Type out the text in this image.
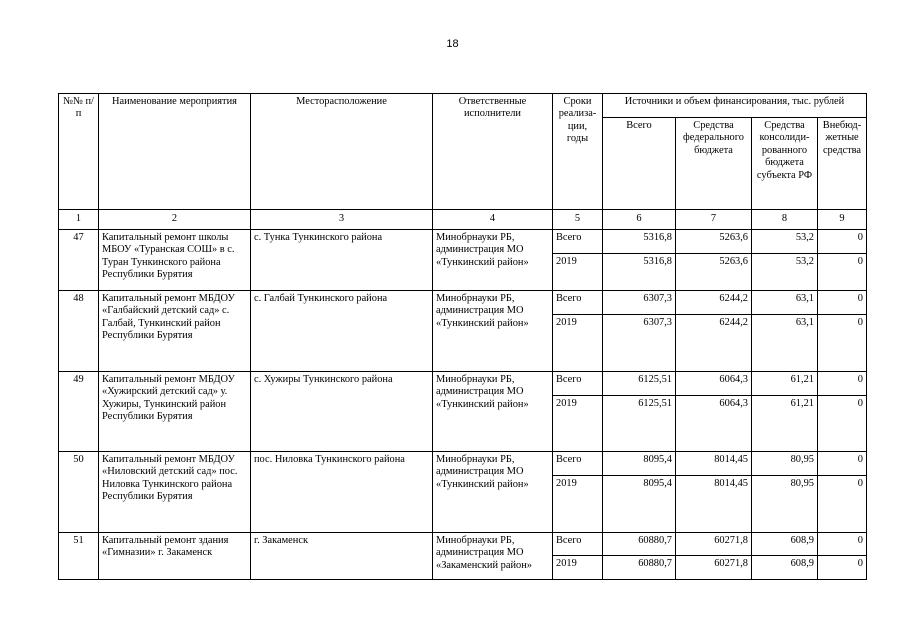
18
№№ п/п	Наименование мероприятия	Месторасположение	Ответственные исполнители	Сроки реализации, годы	Источники и объем финансирования, тыс. рублей			
					Всего	Средства федерального бюджета	Средства консолидированного бюджета субъекта РФ	Внебюджетные средства
1	2	3	4	5	6	7	8	9
47	Капитальный ремонт школы МБОУ «Туранская СОШ» в с. Туран Тункинского района Республики Бурятия	с. Тунка Тункинского района	Минобрнауки РБ, администрация МО «Тункинский район»	Всего	5316,8	5263,6	53,2	0
				2019	5316,8	5263,6	53,2	0
48	Капитальный ремонт МБДОУ «Галбайский детский сад» с. Галбай, Тункинский район Республики Бурятия	с. Галбай Тункинского района	Минобрнауки РБ, администрация МО «Тункинский район»	Всего	6307,3	6244,2	63,1	0
				2019	6307,3	6244,2	63,1	0
49	Капитальный ремонт МБДОУ «Хужирский детский сад» у. Хужиры, Тункинский район Республики Бурятия	с. Хужиры Тункинского района	Минобрнауки РБ, администрация МО «Тункинский район»	Всего	6125,51	6064,3	61,21	0
				2019	6125,51	6064,3	61,21	0
50	Капитальный ремонт МБДОУ «Ниловский детский сад» пос. Ниловка Тункинского района Республики Бурятия	пос. Ниловка Тункинского района	Минобрнауки РБ, администрация МО «Тункинский район»	Всего	8095,4	8014,45	80,95	0
				2019	8095,4	8014,45	80,95	0
51	Капитальный ремонт здания «Гимназии» г. Закаменск	г. Закаменск	Минобрнауки РБ, администрация МО «Закаменский район»	Всего	60880,7	60271,8	608,9	0
				2019	60880,7	60271,8	608,9	0
